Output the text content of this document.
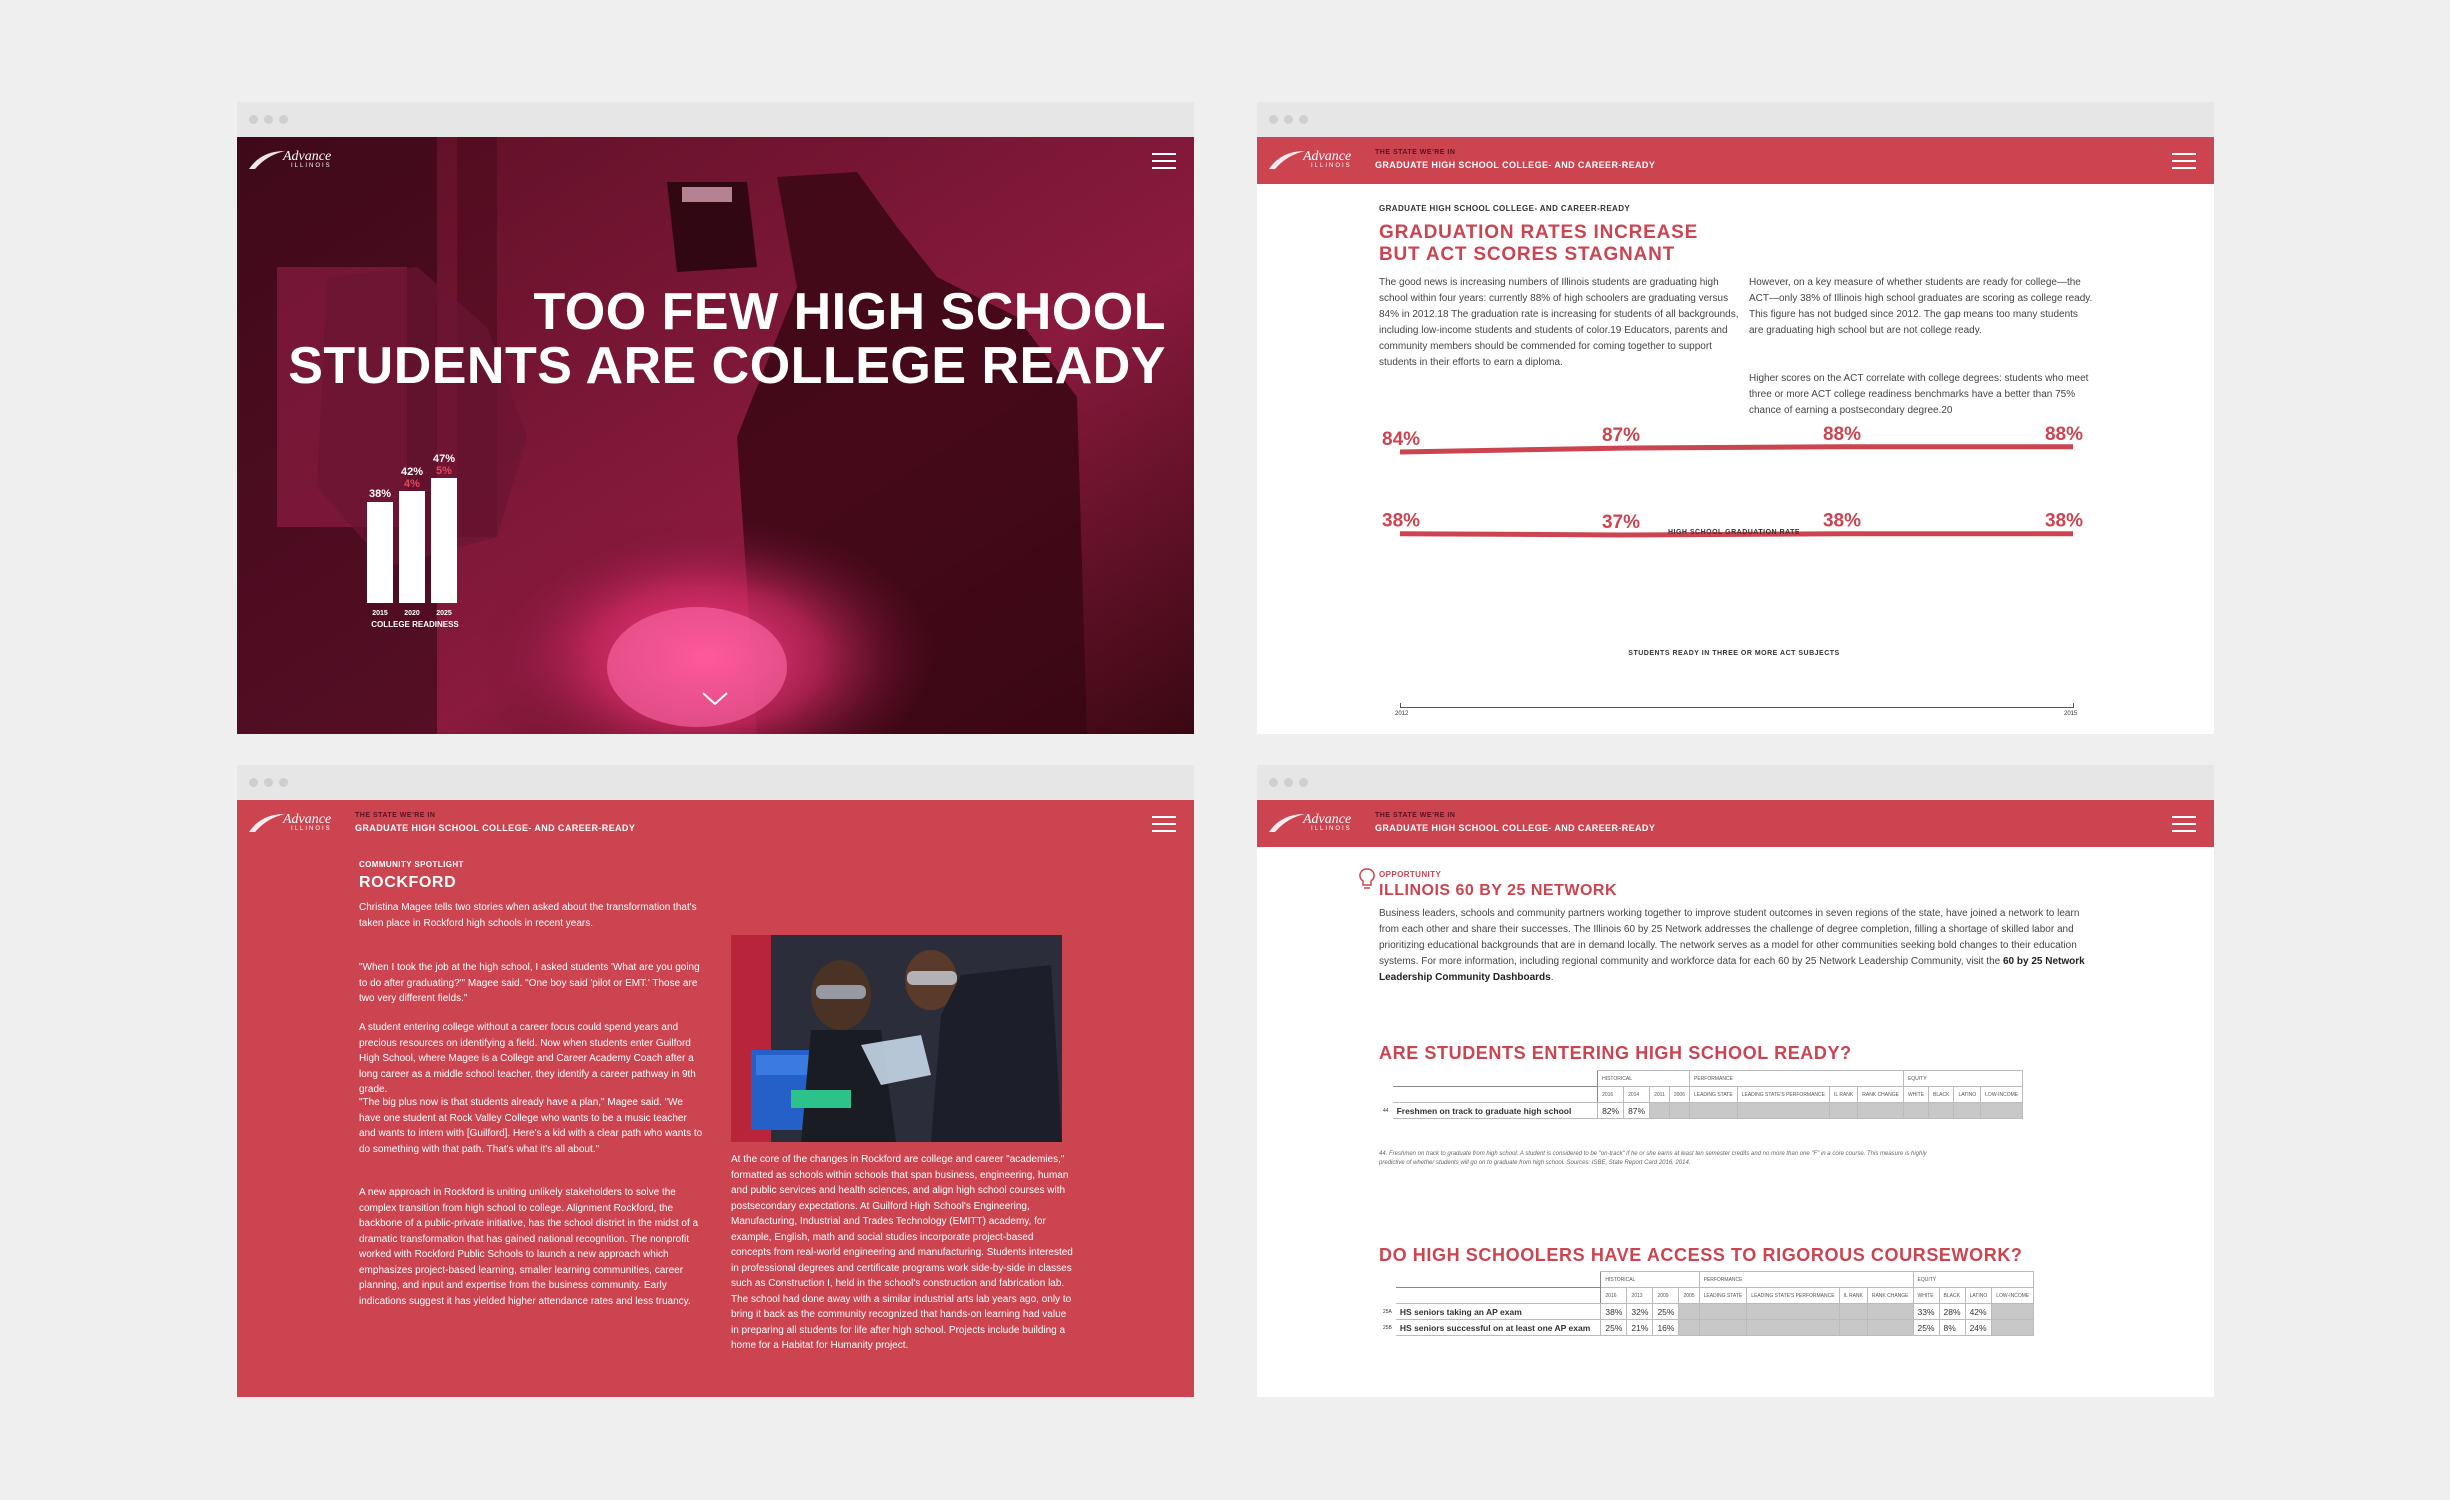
Advance
ILLINOIS
TOO FEW HIGH SCHOOL
STUDENTS ARE COLLEGE READY
COLLEGE READINESS
38%
2015
42%
4%
2020
47%
5%
2025
Advance
ILLINOIS
THE STATE WE'RE IN
GRADUATE HIGH SCHOOL COLLEGE- AND CAREER-READY
GRADUATE HIGH SCHOOL COLLEGE- AND CAREER-READY
GRADUATION RATES INCREASE
BUT ACT SCORES STAGNANT
The good news is increasing numbers of Illinois students are graduating high school within four years: currently 88% of high schoolers are graduating versus 84% in 2012.18 The graduation rate is increasing for students of all backgrounds, including low-income students and students of color.19 Educators, parents and community members should be commended for coming together to support students in their efforts to earn a diploma.
However, on a key measure of whether students are ready for college—the ACT—only 38% of Illinois high school graduates are scoring as college ready. This figure has not budged since 2012. The gap means too many students are graduating high school but are not college ready.
Higher scores on the ACT correlate with college degrees: students who meet three or more ACT college readiness benchmarks have a better than 75% chance of earning a postsecondary degree.20
84%	87%	88%	88%
38%	37%	38%	38%
HIGH SCHOOL GRADUATION RATE
STUDENTS READY IN THREE OR MORE ACT SUBJECTS
2012	2015
Advance
ILLINOIS
THE STATE WE'RE IN
GRADUATE HIGH SCHOOL COLLEGE- AND CAREER-READY
COMMUNITY SPOTLIGHT
ROCKFORD
Christina Magee tells two stories when asked about the transformation that's taken place in Rockford high schools in recent years.
"When I took the job at the high school, I asked students 'What are you going to do after graduating?'" Magee said. "One boy said 'pilot or EMT.' Those are two very different fields."
A student entering college without a career focus could spend years and precious resources on identifying a field. Now when students enter Guilford High School, where Magee is a College and Career Academy Coach after a long career as a middle school teacher, they identify a career pathway in 9th grade.
"The big plus now is that students already have a plan," Magee said. "We have one student at Rock Valley College who wants to be a music teacher and wants to intern with [Guilford]. Here's a kid with a clear path who wants to do something with that path. That's what it's all about."
A new approach in Rockford is uniting unlikely stakeholders to solve the complex transition from high school to college. Alignment Rockford, the backbone of a public-private initiative, has the school district in the midst of a dramatic transformation that has gained national recognition. The nonprofit worked with Rockford Public Schools to launch a new approach which emphasizes project-based learning, smaller learning communities, career planning, and input and expertise from the business community. Early indications suggest it has yielded higher attendance rates and less truancy.
At the core of the changes in Rockford are college and career "academies," formatted as schools within schools that span business, engineering, human and public services and health sciences, and align high school courses with postsecondary expectations. At Guilford High School's Engineering, Manufacturing, Industrial and Trades Technology (EMITT) academy, for example, English, math and social studies incorporate project-based concepts from real-world engineering and manufacturing. Students interested in professional degrees and certificate programs work side-by-side in classes such as Construction I, held in the school's construction and fabrication lab. The school had done away with a similar industrial arts lab years ago, only to bring it back as the community recognized that hands-on learning had value in preparing all students for life after high school. Projects include building a home for a Habitat for Humanity project.
Advance
ILLINOIS
THE STATE WE'RE IN
GRADUATE HIGH SCHOOL COLLEGE- AND CAREER-READY
OPPORTUNITY
ILLINOIS 60 BY 25 NETWORK
Business leaders, schools and community partners working together to improve student outcomes in seven regions of the state, have joined a network to learn from each other and share their successes. The Illinois 60 by 25 Network addresses the challenge of degree completion, filling a shortage of skilled labor and prioritizing educational backgrounds that are in demand locally. The network serves as a model for other communities seeking bold changes to their education systems. For more information, including regional community and workforce data for each 60 by 25 Network Leadership Community, visit the 60 by 25 Network Leadership Community Dashboards.
ARE STUDENTS ENTERING HIGH SCHOOL READY?
		HISTORICAL				PERFORMANCE				EQUITY			
		2016	2014	2011	2006	LEADING STATE	LEADING STATE'S PERFORMANCE	IL RANK	RANK CHANGE	WHITE	BLACK	LATINO	LOW-INCOME
44	Freshmen on track to graduate high school	82%	87%										
44. Freshmen on track to graduate from high school: A student is considered to be "on-track" if he or she earns at least ten semester credits and no more than one "F" in a core course. This measure is highly predictive of whether students will go on to graduate from high school. Sources: ISBE, State Report Card 2016, 2014.
DO HIGH SCHOOLERS HAVE ACCESS TO RIGOROUS COURSEWORK?
		HISTORICAL				PERFORMANCE				EQUITY			
		2016	2013	2009	2005	LEADING STATE	LEADING STATE'S PERFORMANCE	IL RANK	RANK CHANGE	WHITE	BLACK	LATINO	LOW-INCOME
25A	HS seniors taking an AP exam	38%	32%	25%						33%	28%	42%	
25B	HS seniors successful on at least one AP exam	25%	21%	16%						25%	8%	24%	
